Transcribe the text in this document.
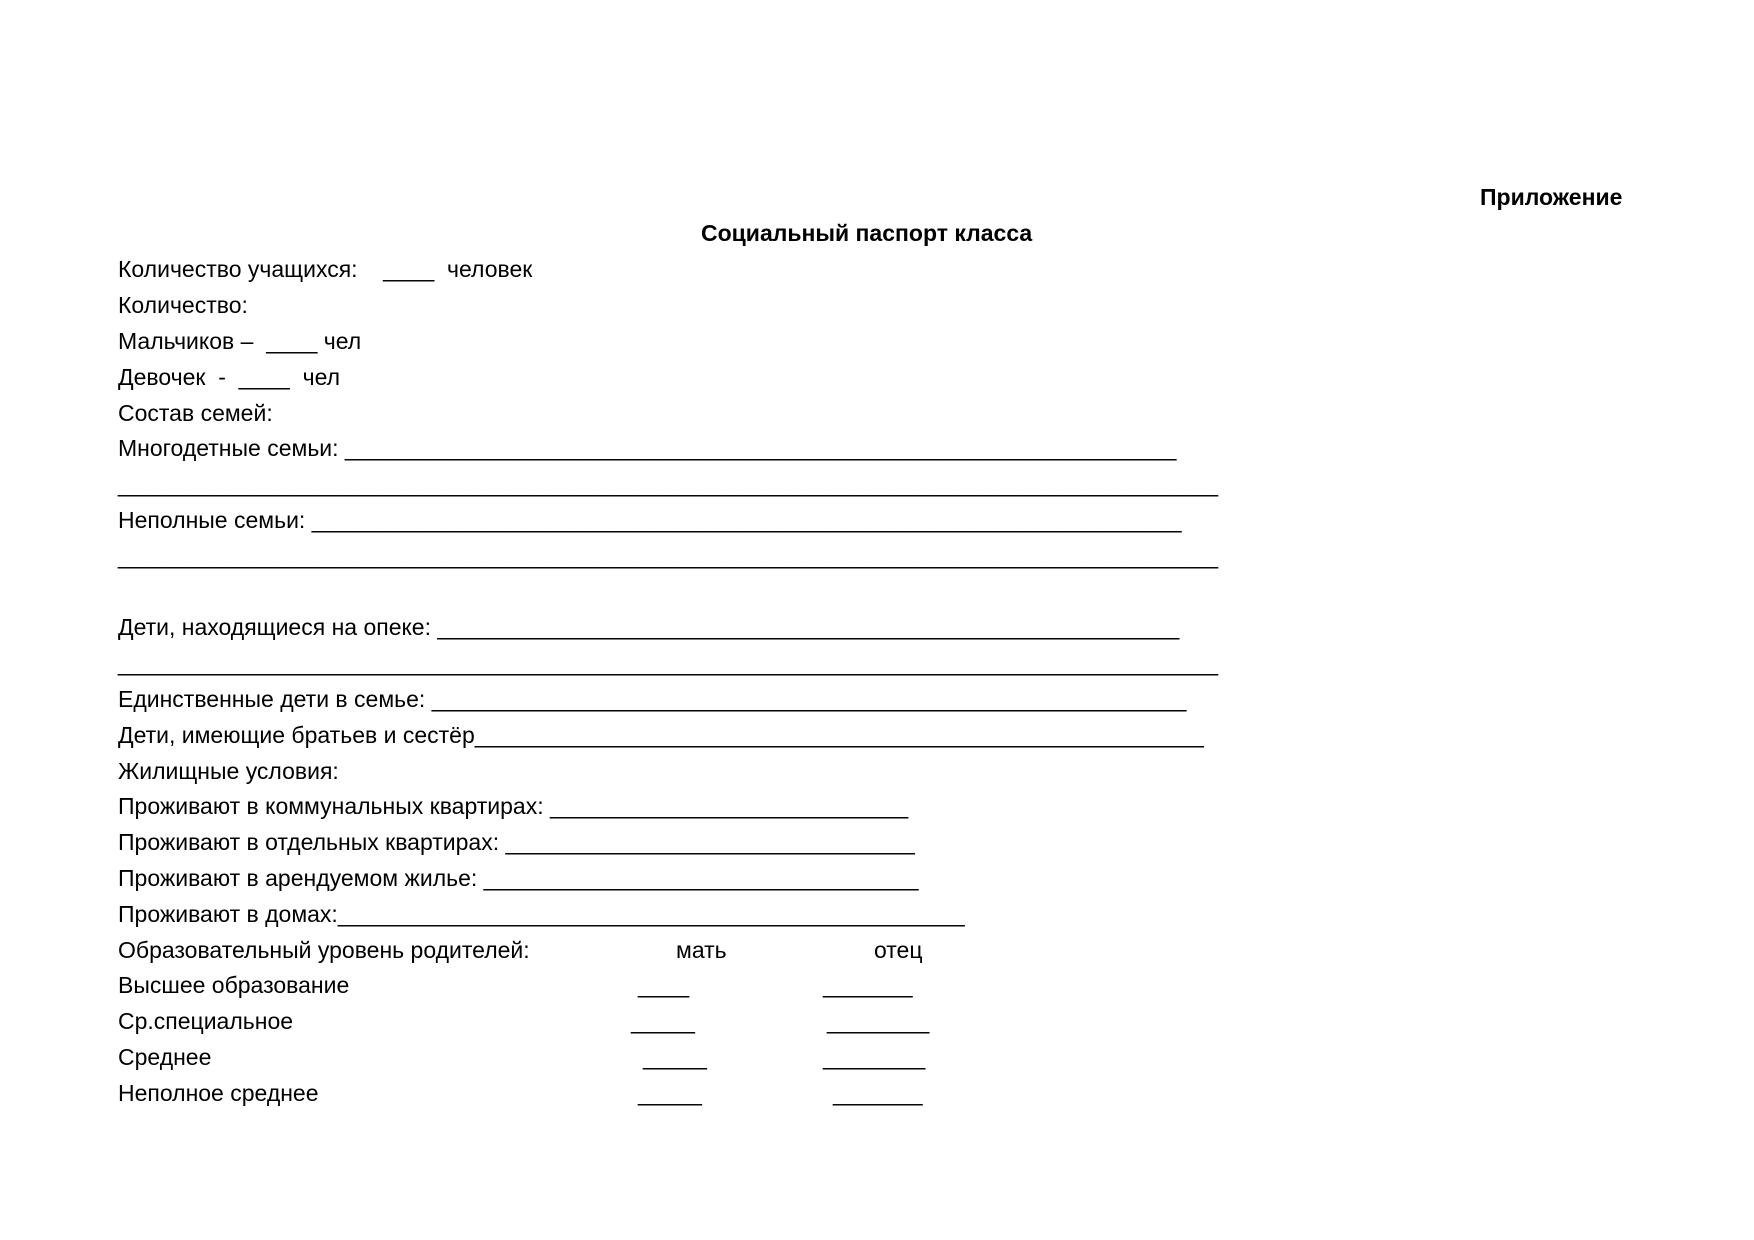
Приложение
Социальный паспорт класса
Количество учащихся:    ____  человек
Количество:
Мальчиков –  ____ чел
Девочек  -  ____  чел
Состав семей:
Многодетные семьи: _________________________________________________________________
______________________________________________________________________________________
Неполные семьи: ____________________________________________________________________
______________________________________________________________________________________
Дети, находящиеся на опеке: __________________________________________________________
______________________________________________________________________________________
Единственные дети в семье: ___________________________________________________________
Дети, имеющие братьев и сестёр_________________________________________________________
Жилищные условия:
Проживают в коммунальных квартирах: ____________________________
Проживают в отдельных квартирах: ________________________________
Проживают в арендуемом жилье: __________________________________
Проживают в домах:_________________________________________________
Образовательный уровень родителей:	мать	отец
Высшее образование	____	_______
Ср.специальное	_____	________
Среднее	_____	________
Неполное среднее	_____	_______
